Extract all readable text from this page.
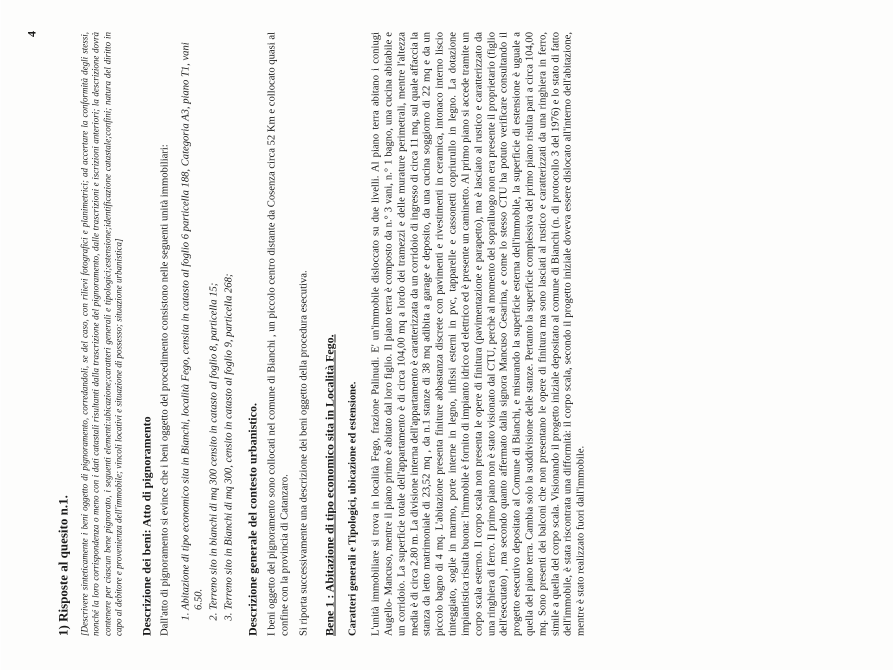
4
1) Risposte al quesito n.1. [Descrivere sinteticamente i beni oggetto di pignoramento, corredandoli, se del caso, con rilievi fotografici e planimetrici; ad accertare la conformità degli stessi, nonché la loro corrispondenza o meno con i dati catastali risultanti dalla trascrizione del pignoramento, dalle trascrizioni e iscrizioni anteriori; la descrizione dovrà contenere per ciascun bene pignorato, i seguenti elementi:ubicazione;caratteri generali e tipologici;estensione;identificazione catastale;confini; natura del diritto in capo al debitore e provenienza dell'immobile; vincoli locativi e situazione di possesso; situazione urbanistica] Descrizione dei beni: Atto di pignoramento Dall'atto di pignoramento si evince che i beni oggetto del procedimento consistono nelle seguenti unità immobiliari: 1. Abitazione di tipo economico sita in Bianchi, località Fego, censita in catasto al foglio 6 particella 188, Categoria A3, piano T1, vani 6.50. 2. Terreno sito in bianchi di mq 300 censito in catasto al foglio 8, particella 15; 3. Terreno sito in Bianchi di mq 300, censito in catasto al foglio 9, particella 268; Descrizione generale del contesto urbanistico. I beni oggetto del pignoramento sono collocati nel comune di Bianchi , un piccolo centro distante da Cosenza circa 52 Km e collocato quasi al confine con la provincia di Catanzaro. Si riporta successivamente una descrizione dei beni oggetto della procedura esecutiva. Bene 1 : Abitazione di tipo economico sita in Località Fego. Caratteri generali e Tipologici, ubicazione ed estensione. L'unità immobiliare si trova in località Fego, frazione Palinudi. E' un'immobile disloccato su due livelli. Al piano terra abitano i coniugi Augello- Mancuso, mentre il piano primo è abitato dal loro figlio. Il piano terra è composto da n.° 3 vani, n.° 1 bagno, una cucina abitabile e un corridoio. La superficie totale dell'appartamento è di circa 104,00 mq a lordo dei tramezzi e delle murature perimetrali, mentre l'altezza media è di circa 2.80 m. La divisione interna dell'appartamento è caratterizzata da un corridoio di ingresso di circa 11 mq, sul quale affaccia la stanza da letto matrimoniale di 23,52 mq , da n.1 stanze di 38 mq adibita a garage e deposito, da una cucina soggiorno di 22 mq e da un piccolo bagno di 4 mq. L'abitazione presenta finiture abbastanza discrete con pavimenti e rivestimenti in ceramica, intonaco interno liscio tinteggiato, soglie in marmo, porte interne in legno, infissi esterni in pvc, tapparelle e cassonetti copriurullo in legno. La dotazione impiantistica risulta buona: l'immobile è fornito di impianto idrico ed elettrico ed è presente un caminetto. Al primo piano si accede tramite un corpo scala esterno. Il corpo scala non presenta le opere di finitura (pavimentazione e parapetto), ma è lasciato al rustico e caratterizzato da una ringhiera di ferro. Il primo piano non è stato visionato dal CTU, perchè al momento del sopralluogo non era presente il proprietario (figlio dell'esecutato) , ma secondo quanto affermato dalla signora Mancuso Cesarina, e come lo stesso CTU ha potuto verificare consultando il progetto esecutivo depositato al Comune di Bianchi, e misurando la superficie esterna dell'immobile, la superficie di estensione è uguale a quella del piano terra. Cambia solo la suddivisione delle stanze. Pertanto la superficie complessiva del primo piano risulta pari a circa 104,00 mq. Sono presenti dei balconi che non presentano le opere di finitura ma sono lasciati al rustico e caratterizzati da una ringhiera in ferro, simile a quella del corpo scala. Visionando il progetto iniziale depositato al comune di Bianchi (n. di protocollo 3 del 1976) e lo stato di fatto dell'immobile, è stata riscontrata una difformità: il corpo scala, secondo il progetto iniziale doveva essere dislocato all'interno dell'abitazione, mentre è stato realizzato fuori dall'immobile.
